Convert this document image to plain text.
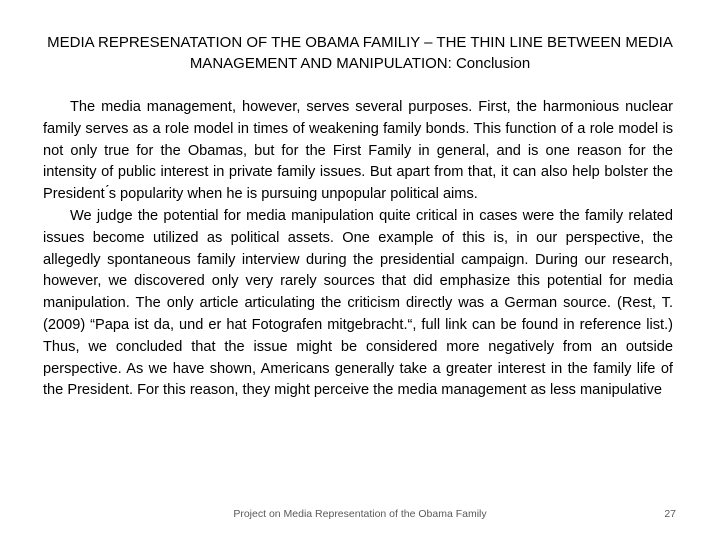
MEDIA REPRESENATATION OF THE OBAMA FAMILIY – THE THIN LINE BETWEEN MEDIA
MANAGEMENT AND MANIPULATION: Conclusion

The media management, however, serves several purposes. First, the harmonious nuclear family serves as a role model in times of weakening family bonds. This function of a role model is not only true for the Obamas, but for the First Family in general, and is one reason for the intensity of public interest in private family issues. But apart from that, it can also help bolster the President ́s popularity when he is pursuing unpopular political aims.

We judge the potential for media manipulation quite critical in cases were the family related issues become utilized as political assets. One example of this is, in our perspective, the allegedly spontaneous family interview during the presidential campaign. During our research, however, we discovered only very rarely sources that did emphasize this potential for media manipulation. The only article articulating the criticism directly was a German source. (Rest, T. (2009) “Papa ist da, und er hat Fotografen mitgebracht.“, full link can be found in reference list.) Thus, we concluded that the issue might be considered more negatively from an outside perspective. As we have shown, Americans generally take a greater interest in the family life of the President. For this reason, they might perceive the media management as less manipulative

Project on Media Representation of the Obama Family	27
